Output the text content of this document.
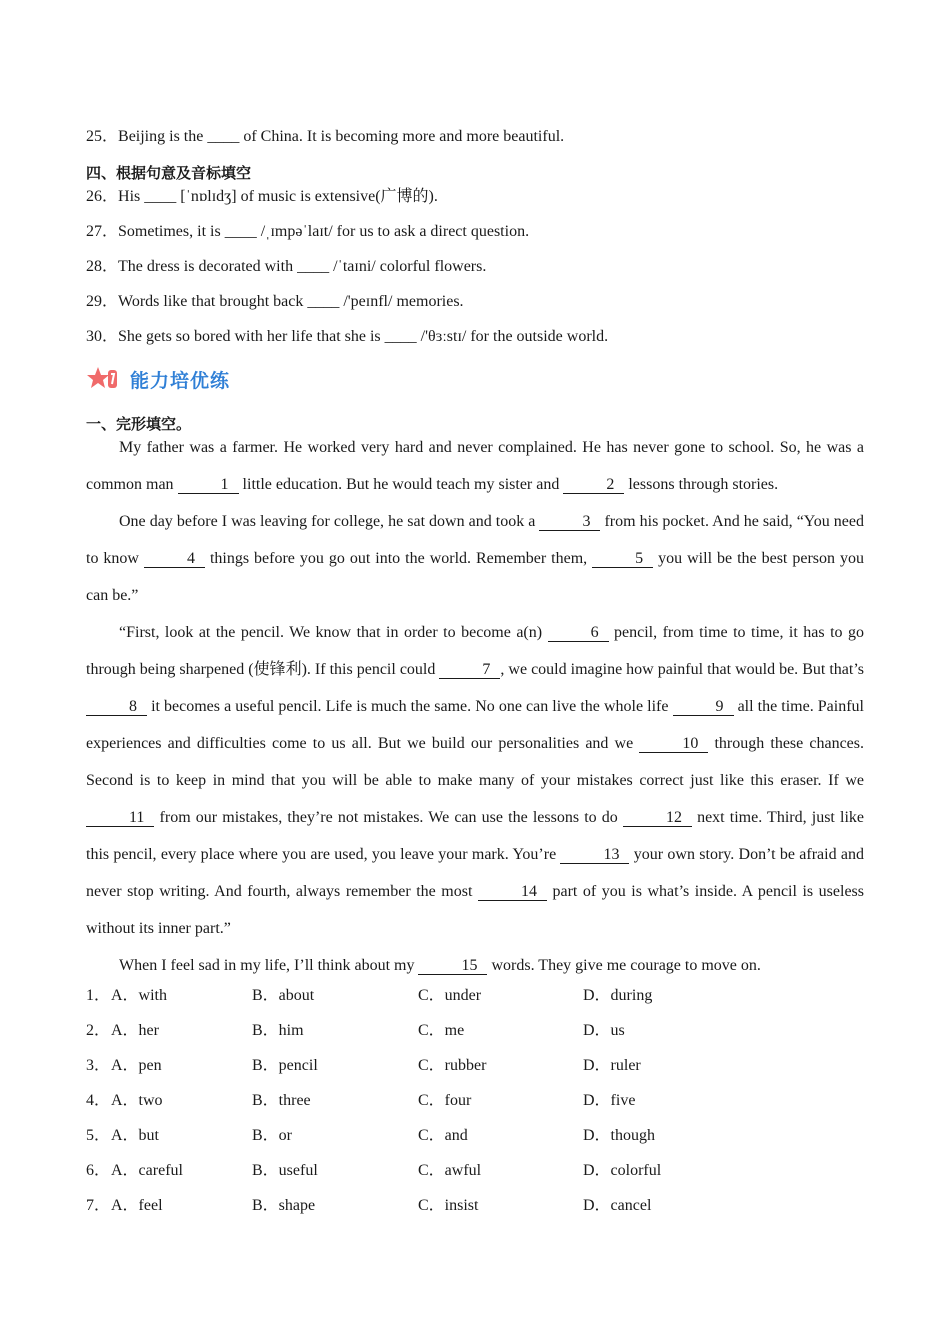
25．Beijing is the ____ of China. It is becoming more and more beautiful.
四、根据句意及音标填空
26．His ____ [ˈnɒlɪdʒ] of music is extensive(广博的).
27．Sometimes, it is ____ /ˌɪmpəˈlaɪt/ for us to ask a direct question.
28．The dress is decorated with ____ /ˈtaɪni/ colorful flowers.
29．Words like that brought back ____ /'peɪnfl/ memories.
30．She gets so bored with her life that she is ____ /'θɜːstɪ/ for the outside world.
能力培优练
一、完形填空。

My father was a farmer. He worked very hard and never complained. He has never gone to school. So, he was a common man	1 little education. But he would teach my sister and	2 lessons through stories.

One day before I was leaving for college, he sat down and took a	3 from his pocket. And he said, “You need to know	4 things before you go out into the world. Remember them,	5 you will be the best person you can be.”

“First, look at the pencil. We know that in order to become a(n)	6 pencil, from time to time, it has to go through being sharpened (使锋利). If this pencil could	7 , we could imagine how painful that would be. But that’s 8 it becomes a useful pencil. Life is much the same. No one can live the whole life	9 all the time. Painful experiences and difficulties come to us all. But we build our personalities and we	10 through these chances. Second is to keep in mind that you will be able to make many of your mistakes correct just like this eraser. If we 11 from our mistakes, they’re not mistakes. We can use the lessons to do	12 next time. Third, just like this pencil, every place where you are used, you leave your mark. You’re	13 your own story. Don’t be afraid and never stop writing. And fourth, always remember the most	14 part of you is what’s inside. A pencil is useless without its inner part.”

When I feel sad in my life, I’ll think about my	15 words. They give me courage to move on.

1． A．with	B．about	C．under	D．during
2． A．her	B．him	C．me	D．us
3． A．pen	B．pencil	C．rubber	D．ruler
4． A．two	B．three	C．four	D．five
5． A．but	B．or	C．and	D．though
6． A．careful	B．useful	C．awful	D．colorful
7． A．feel	B．shape	C．insist	D．cancel
